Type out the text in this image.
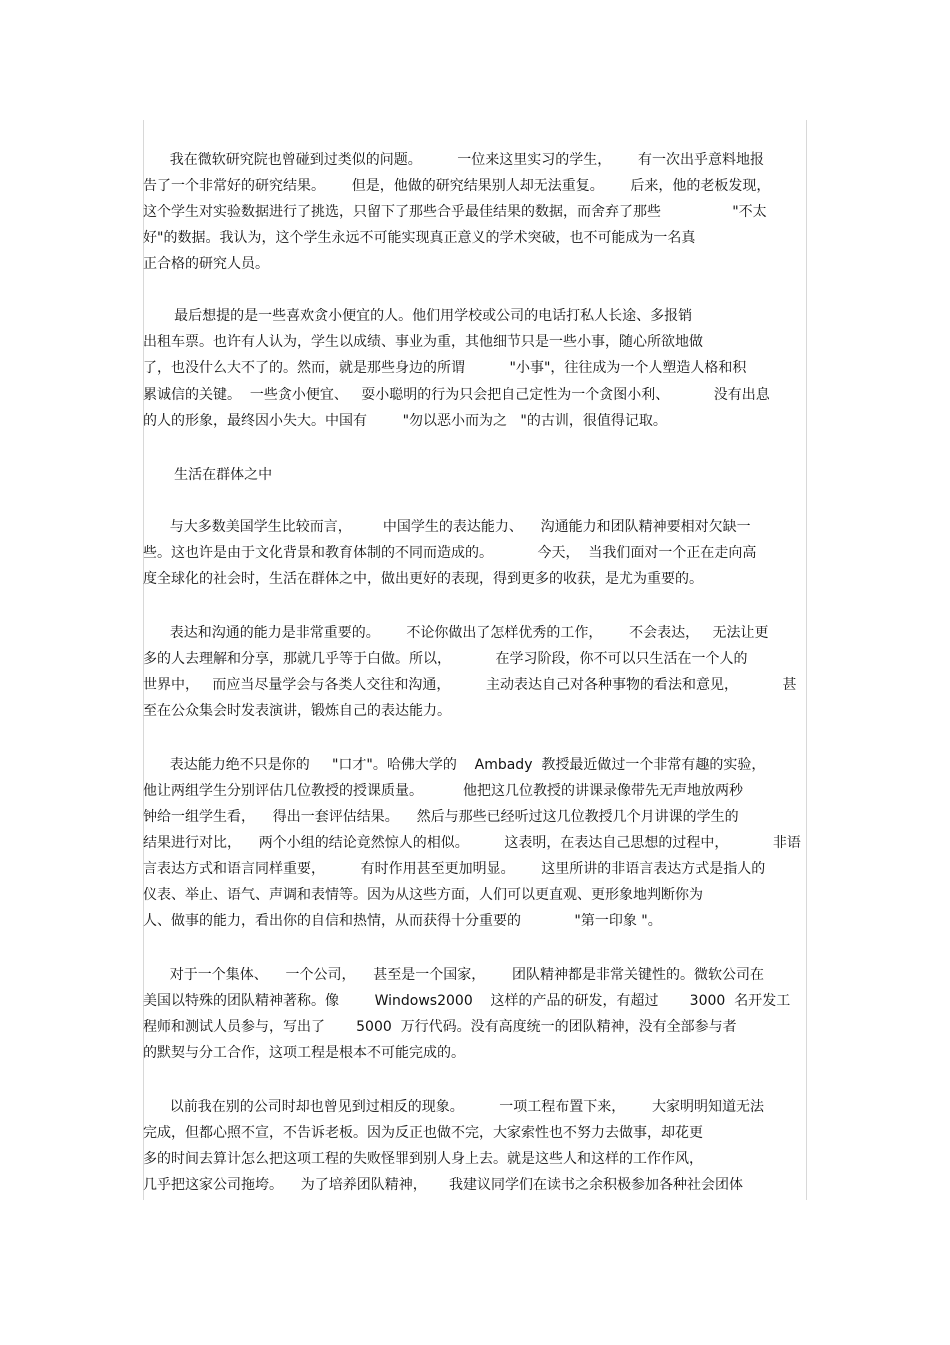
我在微软研究院也曾碰到过类似的问题。        一位来这里实习的学生，      有一次出乎意料地报
告了一个非常好的研究结果。      但是，他做的研究结果别人却无法重复。      后来，他的老板发现，
这个学生对实验数据进行了挑选，只留下了那些合乎最佳结果的数据，而舍弃了那些                "不太
好"的数据。我认为，这个学生永远不可能实现真正意义的学术突破，也不可能成为一名真
正合格的研究人员。
最后想提的是一些喜欢贪小便宜的人。他们用学校或公司的电话打私人长途、多报销
出租车票。也许有人认为，学生以成绩、事业为重，其他细节只是一些小事，随心所欲地做
了，也没什么大不了的。然而，就是那些身边的所谓          "小事"，往往成为一个人塑造人格和积
累诚信的关键。  一些贪小便宜、   耍小聪明的行为只会把自己定性为一个贪图小利、          没有出息
的人的形象，最终因小失大。中国有        "勿以恶小而为之   "的古训，很值得记取。
生活在群体之中
与大多数美国学生比较而言，       中国学生的表达能力、    沟通能力和团队精神要相对欠缺一
些。这也许是由于文化背景和教育体制的不同而造成的。          今天，  当我们面对一个正在走向高
度全球化的社会时，生活在群体之中，做出更好的表现，得到更多的收获，是尤为重要的。
表达和沟通的能力是非常重要的。      不论你做出了怎样优秀的工作，      不会表达，   无法让更
多的人去理解和分享，那就几乎等于白做。所以，          在学习阶段，你不可以只生活在一个人的
世界中，   而应当尽量学会与各类人交往和沟通，        主动表达自己对各种事物的看法和意见，          甚
至在公众集会时发表演讲，锻炼自己的表达能力。
表达能力绝不只是你的     "口才"。哈佛大学的    Ambady  教授最近做过一个非常有趣的实验，
他让两组学生分别评估几位教授的授课质量。         他把这几位教授的讲课录像带先无声地放两秒
钟给一组学生看，    得出一套评估结果。    然后与那些已经听过这几位教授几个月讲课的学生的
结果进行对比，    两个小组的结论竟然惊人的相似。        这表明，在表达自己思想的过程中，          非语
言表达方式和语言同样重要，        有时作用甚至更加明显。      这里所讲的非语言表达方式是指人的
仪表、举止、语气、声调和表情等。因为从这些方面，人们可以更直观、更形象地判断你为
人、做事的能力，看出你的自信和热情，从而获得十分重要的            "第一印象 "。
对于一个集体、    一个公司，    甚至是一个国家，      团队精神都是非常关键性的。微软公司在
美国以特殊的团队精神著称。像        Windows2000    这样的产品的研发，有超过       3000  名开发工
程师和测试人员参与，写出了       5000  万行代码。没有高度统一的团队精神，没有全部参与者
的默契与分工合作，这项工程是根本不可能完成的。
以前我在别的公司时却也曾见到过相反的现象。        一项工程布置下来，      大家明明知道无法
完成，但都心照不宣，不告诉老板。因为反正也做不完，大家索性也不努力去做事，却花更
多的时间去算计怎么把这项工程的失败怪罪到别人身上去。就是这些人和这样的工作作风，
几乎把这家公司拖垮。    为了培养团队精神，     我建议同学们在读书之余积极参加各种社会团体
